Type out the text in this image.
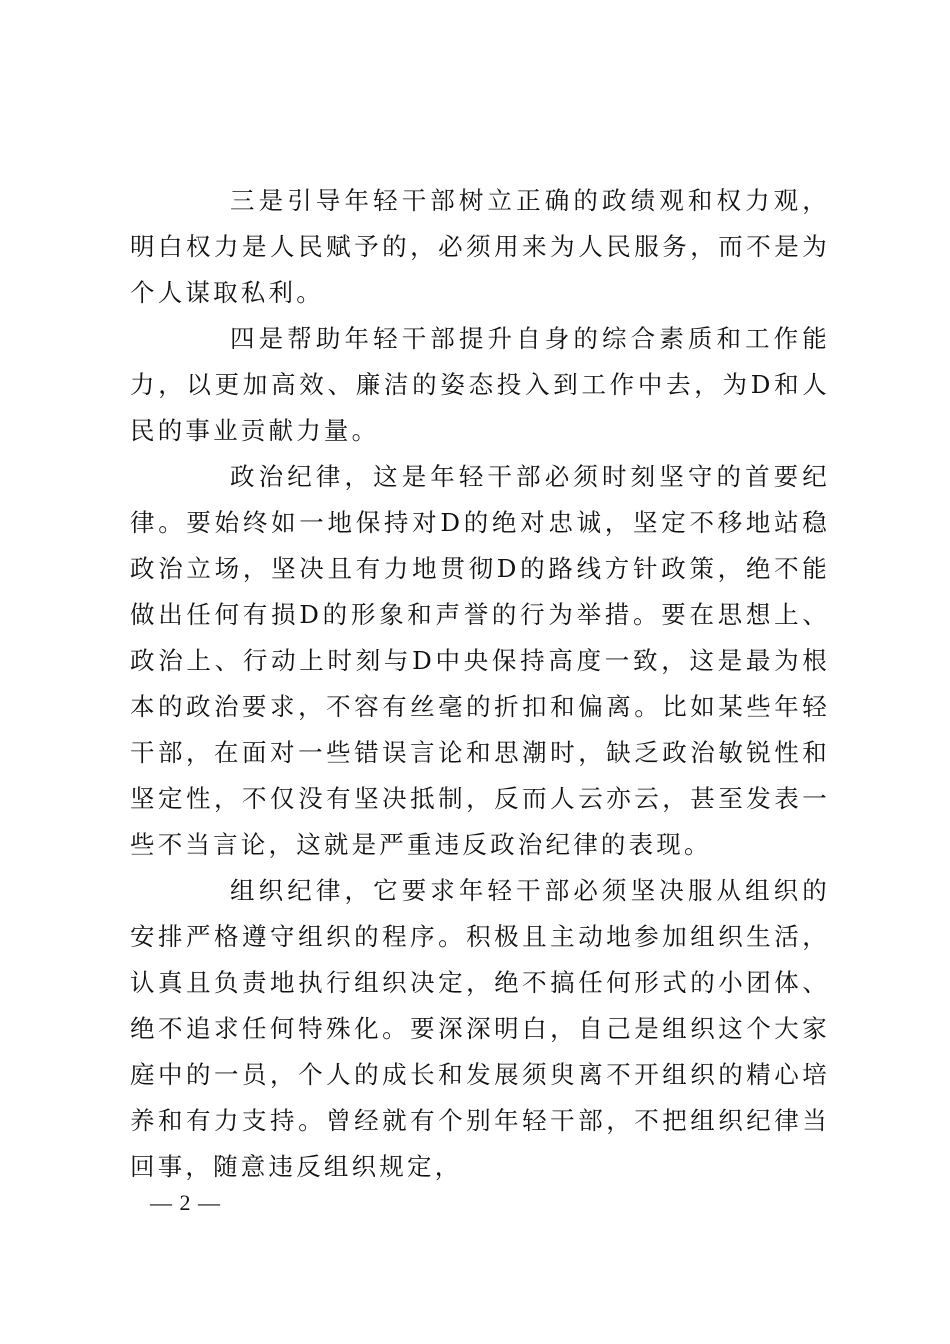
三是引导年轻干部树立正确的政绩观和权力观，明白权力是人民赋予的，必须用来为人民服务，而不是为个人谋取私利。

四是帮助年轻干部提升自身的综合素质和工作能力，以更加高效、廉洁的姿态投入到工作中去，为D和人民的事业贡献力量。

政治纪律，这是年轻干部必须时刻坚守的首要纪律。要始终如一地保持对D的绝对忠诚，坚定不移地站稳政治立场，坚决且有力地贯彻D的路线方针政策，绝不能做出任何有损D的形象和声誉的行为举措。要在思想上、政治上、行动上时刻与D中央保持高度一致，这是最为根本的政治要求，不容有丝毫的折扣和偏离。比如某些年轻干部，在面对一些错误言论和思潮时，缺乏政治敏锐性和坚定性，不仅没有坚决抵制，反而人云亦云，甚至发表一些不当言论，这就是严重违反政治纪律的表现。

组织纪律，它要求年轻干部必须坚决服从组织的安排严格遵守组织的程序。积极且主动地参加组织生活，认真且负责地执行组织决定，绝不搞任何形式的小团体、绝不追求任何特殊化。要深深明白，自己是组织这个大家庭中的一员，个人的成长和发展须臾离不开组织的精心培养和有力支持。曾经就有个别年轻干部，不把组织纪律当回事，随意违反组织规定，

— 2 —
